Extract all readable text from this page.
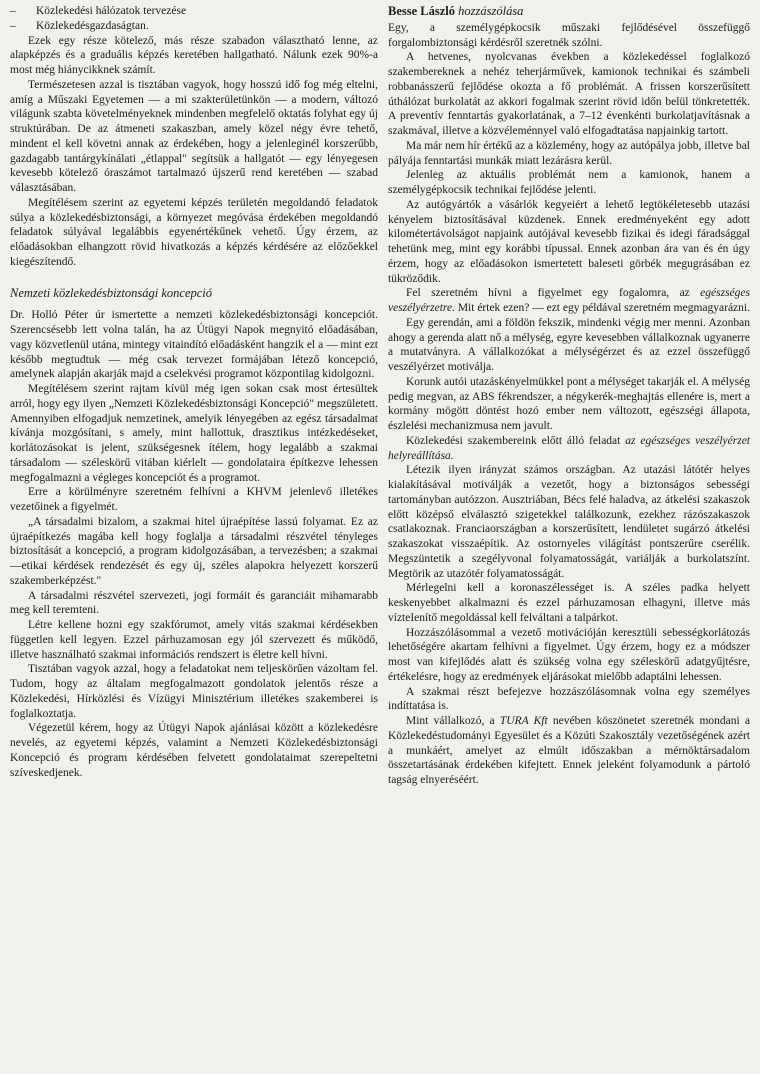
– Közlekedési hálózatok tervezése

– Közlekedésgazdaságtan.

Ezek egy része kötelező, más része szabadon választható lenne, az alapképzés és a graduális képzés keretében hallgatható. Nálunk ezek 90%-a most még hiánycikknek számít.

Természetesen azzal is tisztában vagyok, hogy hosszú idő fog még eltelni, amíg a Műszaki Egyetemen — a mi szakterületünkön — a modern, változó világunk szabta követelményeknek mindenben megfelelő oktatás folyhat egy új struktúrában. De az átmeneti szakaszban, amely közel négy évre tehető, mindent el kell követni annak az érdekében, hogy a jelenleginél korszerűbb, gazdagabb tantárgykínálati „étlappal" segítsük a hallgatót — egy lényegesen kevesebb kötelező óraszámot tartalmazó újszerű rend keretében — szabad választásában.

Megítélésem szerint az egyetemi képzés területén megoldandó feladatok súlya a közlekedésbiztonsági, a környezet megóvása érdekében megoldandó feladatok súlyával legalábbis egyenértékűnek vehető. Úgy érzem, az előadásokban elhangzott rövid hivatkozás a képzés kérdésére az előzőekkel kiegészítendő.

Nemzeti közlekedésbiztonsági koncepció

Dr. Holló Péter úr ismertette a nemzeti közlekedésbiztonsági koncepciót. Szerencsésebb lett volna talán, ha az Útügyi Napok megnyitó előadásában, vagy közvetlenül utána, mintegy vitaindító előadásként hangzik el a — mint ezt később megtudtuk — még csak tervezet formájában létező koncepció, amelynek alapján akarják majd a cselekvési programot központilag kidolgozni.

Megítélésem szerint rajtam kívül még igen sokan csak most értesültek arról, hogy egy ilyen „Nemzeti Közlekedésbiztonsági Koncepció" megszületett. Amennyiben elfogadjuk nemzetinek, amelyik lényegében az egész társadalmat kívánja mozgósítani, s amely, mint hallottuk, drasztikus intézkedéseket, korlátozásokat is jelent, szükségesnek ítélem, hogy legalább a szakmai társadalom — széleskörű vitában kiérlelt — gondolataira építkezve lehessen megfogalmazni a végleges koncepciót és a programot.

Erre a körülményre szeretném felhívni a KHVM jelenlevő illetékes vezetőinek a figyelmét.

„A társadalmi bizalom, a szakmai hitel újraépítése lassú folyamat. Ez az újraépítkezés magába kell hogy foglalja a társadalmi részvétel tényleges biztosítását a koncepció, a program kidolgozásában, a tervezésben; a szakmai—etikai kérdések rendezését és egy új, széles alapokra helyezett korszerű szakemberképzést."

A társadalmi részvétel szervezeti, jogi formáit és garanciáit mihamarabb meg kell teremteni.

Létre kellene hozni egy szakfórumot, amely vitás szakmai kérdésekben független kell legyen. Ezzel párhuzamosan egy jól szervezett és működő, illetve használható szakmai információs rendszert is életre kell hívni.

Tisztában vagyok azzal, hogy a feladatokat nem teljeskörűen vázoltam fel. Tudom, hogy az általam megfogalmazott gondolatok jelentős része a Közlekedési, Hírközlési és Vízügyi Minisztérium illetékes szakemberei is foglalkoztatja.

Végezetül kérem, hogy az Útügyi Napok ajánlásai között a közlekedésre nevelés, az egyetemi képzés, valamint a Nemzeti Közlekedésbiztonsági Koncepció és program kérdésében felvetett gondolataimat szerepeltetni szíveskedjenek.

Besse László hozzászólása

Egy, a személygépkocsik műszaki fejlődésével összefüggő forgalombiztonsági kérdésről szeretnék szólni.

A hetvenes, nyolcvanas években a közlekedéssel foglalkozó szakembereknek a nehéz teherjárművek, kamionok technikai és számbeli robbanásszerű fejlődése okozta a fő problémát. A frissen korszerűsített úthálózat burkolatát az akkori fogalmak szerint rövid időn belül tönkretették. A preventív fenntartás gyakorlatának, a 7–12 évenkénti burkolatjavításnak a szakmával, illetve a közvéleménnyel való elfogadtatása napjainkig tartott.

Ma már nem hír értékű az a közlemény, hogy az autópálya jobb, illetve bal pályája fenntartási munkák miatt lezárásra kerül.

Jelenleg az aktuális problémát nem a kamionok, hanem a személygépkocsik technikai fejlődése jelenti.

Az autógyártók a vásárlók kegyeiért a lehető legtökéletesebb utazási kényelem biztosításával küzdenek. Ennek eredményeként egy adott kilométertávolságot napjaink autójával kevesebb fizikai és idegi fáradsággal tehetünk meg, mint egy korábbi típussal. Ennek azonban ára van és én úgy érzem, hogy az előadásokon ismertetett baleseti görbék megugrásában ez tükröződik.

Fel szeretném hívni a figyelmet egy fogalomra, az egészséges veszélyérzetre. Mit értek ezen? — ezt egy példával szeretném megmagyarázni.

Egy gerendán, ami a földön fekszik, mindenki végig mer menni. Azonban ahogy a gerenda alatt nő a mélység, egyre kevesebben vállalkoznak ugyanerre a mutatványra. A vállalkozókat a mélységérzet és az ezzel összefüggő veszélyérzet motiválja.

Korunk autói utazáskényelmükkel pont a mélységet takarják el. A mélység pedig megvan, az ABS fékrendszer, a négykerék-meghajtás ellenére is, mert a kormány mögött döntést hozó ember nem változott, egészségi állapota, észlelési mechanizmusa nem javult.

Közlekedési szakembereink előtt álló feladat az egészséges veszélyérzet helyreállítása.

Létezik ilyen irányzat számos országban. Az utazási látótér helyes kialakításával motiválják a vezetőt, hogy a biztonságos sebességi tartományban autózzon. Ausztriában, Bécs felé haladva, az átkelési szakaszok előtt középső elválasztó szigetekkel találkozunk, ezekhez rázószakaszok csatlakoznak. Franciaországban a korszerűsített, lendületet sugárzó átkelési szakaszokat visszaépítik. Az ostornyeles világítást pontszerűre cserélik. Megszüntetik a szegélyvonal folyamatosságát, variálják a burkolatszínt. Megtörik az utazótér folyamatosságát.

Mérlegelni kell a koronaszélességet is. A széles padka helyett keskenyebbet alkalmazni és ezzel párhuzamosan elhagyni, illetve más vízteIenítő megoldással kell felváltani a talpárkot.

Hozzászólásommal a vezető motivációján keresztüli sebességkorlátozás lehetőségére akartam felhívni a figyelmet. Úgy érzem, hogy ez a módszer most van kifejlődés alatt és szükség volna egy széleskörű adatgyűjtésre, értékelésre, hogy az eredmények eljárásokat mielőbb adaptálni lehessen.

A szakmai részt befejezve hozzászólásomnak volna egy személyes indíttatása is.

Mint vállalkozó, a TURA Kft nevében köszönetet szeretnék mondani a Közlekedéstudományi Egyesület és a Közúti Szakosztály vezetőségének azért a munkáért, amelyet az elmúlt időszakban a mérnöktársadalom összetartásának érdekében kifejtett. Ennek jeleként folyamodunk a pártoló tagság elnyeréséért.
